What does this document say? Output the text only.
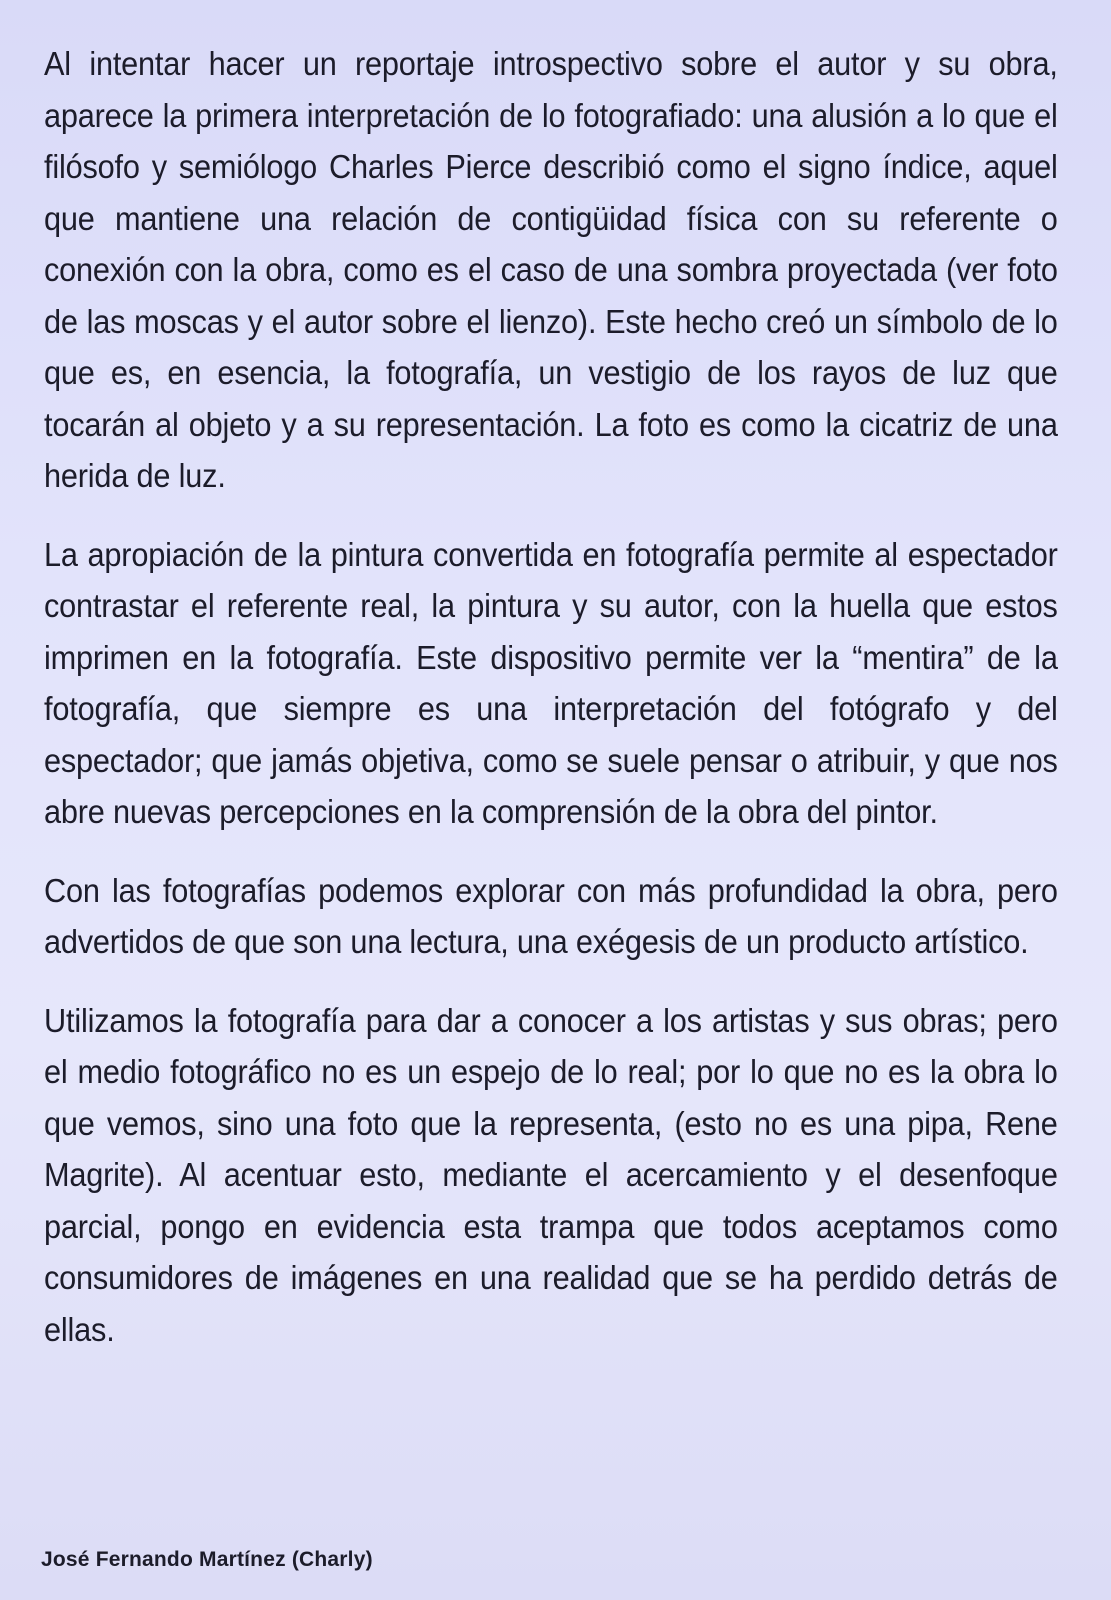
Al intentar hacer un reportaje introspectivo sobre el autor y su obra, aparece la primera interpretación de lo fotografiado: una alusión a lo que el filósofo y semiólogo Charles Pierce describió como el signo índice, aquel que mantiene una relación de contigüidad física con su referente o conexión con la obra, como es el caso de una sombra proyectada (ver foto de las moscas y el autor sobre el lienzo). Este hecho creó un símbolo de lo que es, en esencia, la fotografía, un vestigio de los rayos de luz que tocarán al objeto y a su representación. La foto es como la cicatriz de una herida de luz.

La apropiación de la pintura convertida en fotografía permite al espectador contrastar el referente real, la pintura y su autor, con la huella que estos imprimen en la fotografía. Este dispositivo permite ver la “mentira” de la fotografía, que siempre es una interpretación del fotógrafo y del espectador; que jamás objetiva, como se suele pensar o atribuir, y que nos abre nuevas percepciones en la comprensión de la obra del pintor.

Con las fotografías podemos explorar con más profundidad la obra, pero advertidos de que son una lectura, una exégesis de un producto artístico.

Utilizamos la fotografía para dar a conocer a los artistas y sus obras; pero el medio fotográfico no es un espejo de lo real; por lo que no es la obra lo que vemos, sino una foto que la representa, (esto no es una pipa, Rene Magrite). Al acentuar esto, mediante el acercamiento y el desenfoque parcial, pongo en evidencia esta trampa que todos aceptamos como consumidores de imágenes en una realidad que se ha perdido detrás de ellas.

José Fernando Martínez (Charly)
